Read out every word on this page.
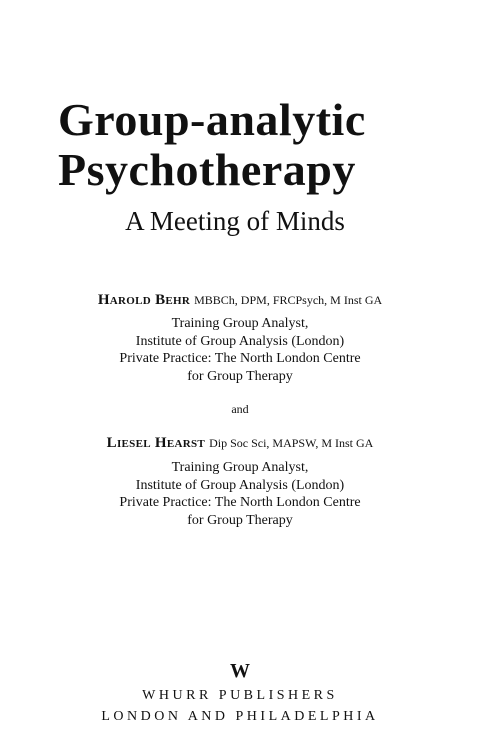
Group-analytic
Psychotherapy
A Meeting of Minds
Harold Behr MBBCh, DPM, FRCPsych, M Inst GA
Training Group Analyst,
Institute of Group Analysis (London)
Private Practice: The North London Centre
for Group Therapy
and
Liesel Hearst Dip Soc Sci, MAPSW, M Inst GA
Training Group Analyst,
Institute of Group Analysis (London)
Private Practice: The North London Centre
for Group Therapy
W
WHURR PUBLISHERS
LONDON AND PHILADELPHIA
